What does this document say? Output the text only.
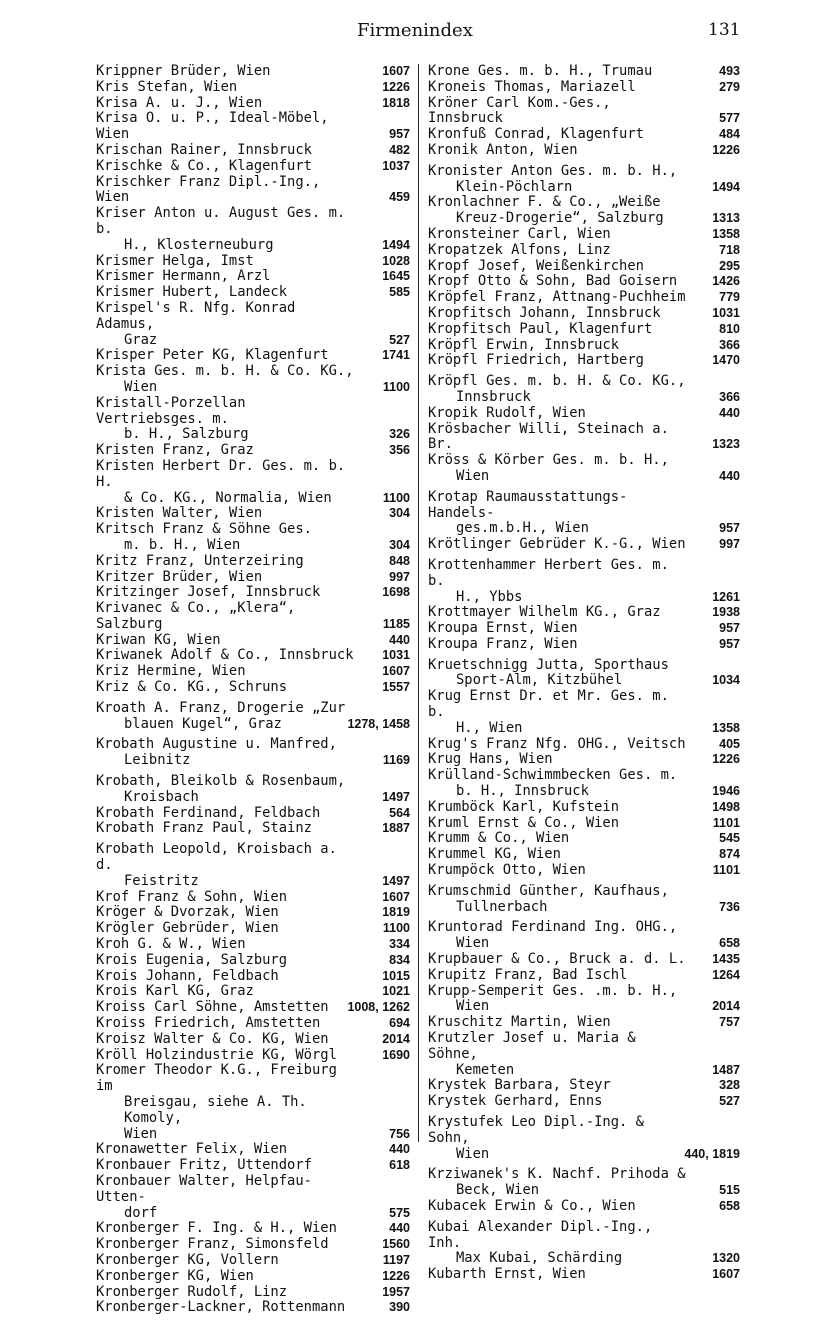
Firmenindex	131
Krippner Brüder, Wien	1607
Kris Stefan, Wien	1226
Krisa A. u. J., Wien	1818
Krisa O. u. P., Ideal-Möbel, Wien	957
Krischan Rainer, Innsbruck	482
Krischke & Co., Klagenfurt	1037
Krischker Franz Dipl.-Ing., Wien	459
Kriser Anton u. August Ges. m. b.
H., Klosterneuburg	1494
Krismer Helga, Imst	1028
Krismer Hermann, Arzl	1645
Krismer Hubert, Landeck	585
Krispel's R. Nfg. Konrad Adamus,
Graz	527
Krisper Peter KG, Klagenfurt	1741
Krista Ges. m. b. H. & Co. KG.,
Wien	1100
Kristall-Porzellan Vertriebsges. m.
b. H., Salzburg	326
Kristen Franz, Graz	356
Kristen Herbert Dr. Ges. m. b. H.
& Co. KG., Normalia, Wien	1100
Kristen Walter, Wien	304
Kritsch Franz & Söhne Ges.
m. b. H., Wien	304
Kritz Franz, Unterzeiring	848
Kritzer Brüder, Wien	997
Kritzinger Josef, Innsbruck	1698
Krivanec & Co., „Klera“, Salzburg	1185
Kriwan KG, Wien	440
Kriwanek Adolf & Co., Innsbruck	1031
Kriz Hermine, Wien	1607
Kriz & Co. KG., Schruns	1557
Kroath A. Franz, Drogerie „Zur
blauen Kugel“, Graz	1278, 1458
Krobath Augustine u. Manfred,
Leibnitz	1169
Krobath, Bleikolb & Rosenbaum,
Kroisbach	1497
Krobath Ferdinand, Feldbach	564
Krobath Franz Paul, Stainz	1887
Krobath Leopold, Kroisbach a. d.
Feistritz	1497
Krof Franz & Sohn, Wien	1607
Kröger & Dvorzak, Wien	1819
Krögler Gebrüder, Wien	1100
Kroh G. & W., Wien	334
Krois Eugenia, Salzburg	834
Krois Johann, Feldbach	1015
Krois Karl KG, Graz	1021
Kroiss Carl Söhne, Amstetten	1008, 1262
Kroiss Friedrich, Amstetten	694
Kroisz Walter & Co. KG, Wien	2014
Kröll Holzindustrie KG, Wörgl	1690
Kromer Theodor K.G., Freiburg im
Breisgau, siehe A. Th. Komoly,
Wien	756
Kronawetter Felix, Wien	440
Kronbauer Fritz, Uttendorf	618
Kronbauer Walter, Helpfau-Utten-
dorf	575
Kronberger F. Ing. & H., Wien	440
Kronberger Franz, Simonsfeld	1560
Kronberger KG, Vollern	1197
Kronberger KG, Wien	1226
Kronberger Rudolf, Linz	1957
Kronberger-Lackner, Rottenmann	390
Krone Ges. m. b. H., Trumau	493
Kroneis Thomas, Mariazell	279
Kröner Carl Kom.-Ges., Innsbruck	577
Kronfuß Conrad, Klagenfurt	484
Kronik Anton, Wien	1226
Kronister Anton Ges. m. b. H.,
Klein-Pöchlarn	1494
Kronlachner F. & Co., „Weiße
Kreuz-Drogerie“, Salzburg	1313
Kronsteiner Carl, Wien	1358
Kropatzek Alfons, Linz	718
Kropf Josef, Weißenkirchen	295
Kropf Otto & Sohn, Bad Goisern	1426
Kröpfel Franz, Attnang-Puchheim	779
Kropfitsch Johann, Innsbruck	1031
Kropfitsch Paul, Klagenfurt	810
Kröpfl Erwin, Innsbruck	366
Kröpfl Friedrich, Hartberg	1470
Kröpfl Ges. m. b. H. & Co. KG.,
Innsbruck	366
Kropik Rudolf, Wien	440
Krösbacher Willi, Steinach a. Br.	1323
Kröss & Körber Ges. m. b. H.,
Wien	440
Krotap Raumausstattungs-Handels-
ges.m.b.H., Wien	957
Krötlinger Gebrüder K.-G., Wien	997
Krottenhammer Herbert Ges. m. b.
H., Ybbs	1261
Krottmayer Wilhelm KG., Graz	1938
Kroupa Ernst, Wien	957
Kroupa Franz, Wien	957
Kruetschnigg Jutta, Sporthaus
Sport-Alm, Kitzbühel	1034
Krug Ernst Dr. et Mr. Ges. m. b.
H., Wien	1358
Krug's Franz Nfg. OHG., Veitsch	405
Krug Hans, Wien	1226
Krülland-Schwimmbecken Ges. m.
b. H., Innsbruck	1946
Krumböck Karl, Kufstein	1498
Kruml Ernst & Co., Wien	1101
Krumm & Co., Wien	545
Krummel KG, Wien	874
Krumpöck Otto, Wien	1101
Krumschmid Günther, Kaufhaus,
Tullnerbach	736
Kruntorad Ferdinand Ing. OHG.,
Wien	658
Krupbauer & Co., Bruck a. d. L.	1435
Krupitz Franz, Bad Ischl	1264
Krupp-Semperit Ges. .m. b. H.,
Wien	2014
Kruschitz Martin, Wien	757
Krutzler Josef u. Maria & Söhne,
Kemeten	1487
Krystek Barbara, Steyr	328
Krystek Gerhard, Enns	527
Krystufek Leo Dipl.-Ing. & Sohn,
Wien	440, 1819
Krziwanek's K. Nachf. Prihoda &
Beck, Wien	515
Kubacek Erwin & Co., Wien	658
Kubai Alexander Dipl.-Ing., Inh.
Max Kubai, Schärding	1320
Kubarth Ernst, Wien	1607
